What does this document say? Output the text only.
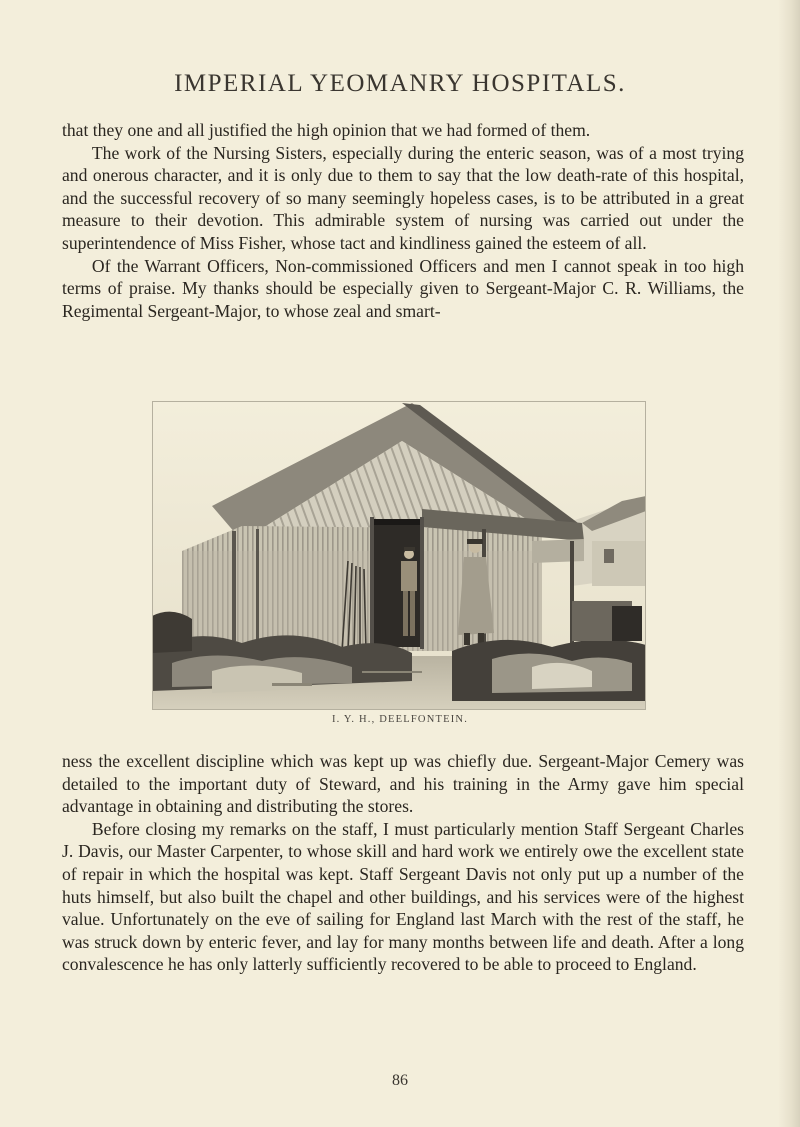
IMPERIAL YEOMANRY HOSPITALS.

that they one and all justified the high opinion that we had formed of them.

The work of the Nursing Sisters, especially during the enteric season, was of a most trying and onerous character, and it is only due to them to say that the low death-rate of this hospital, and the successful recovery of so many seemingly hopeless cases, is to be attributed in a great measure to their devotion. This admirable system of nursing was carried out under the superintendence of Miss Fisher, whose tact and kindliness gained the esteem of all.

Of the Warrant Officers, Non-commissioned Officers and men I cannot speak in too high terms of praise. My thanks should be especially given to Sergeant-Major C. R. Williams, the Regimental Sergeant-Major, to whose zeal and smart-

I. Y. H., DEELFONTEIN.

ness the excellent discipline which was kept up was chiefly due. Sergeant-Major Cemery was detailed to the important duty of Steward, and his training in the Army gave him special advantage in obtaining and distributing the stores.

Before closing my remarks on the staff, I must particularly mention Staff Sergeant Charles J. Davis, our Master Carpenter, to whose skill and hard work we entirely owe the excellent state of repair in which the hospital was kept. Staff Sergeant Davis not only put up a number of the huts himself, but also built the chapel and other buildings, and his services were of the highest value. Unfortunately on the eve of sailing for England last March with the rest of the staff, he was struck down by enteric fever, and lay for many months between life and death. After a long convalescence he has only latterly sufficiently recovered to be able to proceed to England.

86
